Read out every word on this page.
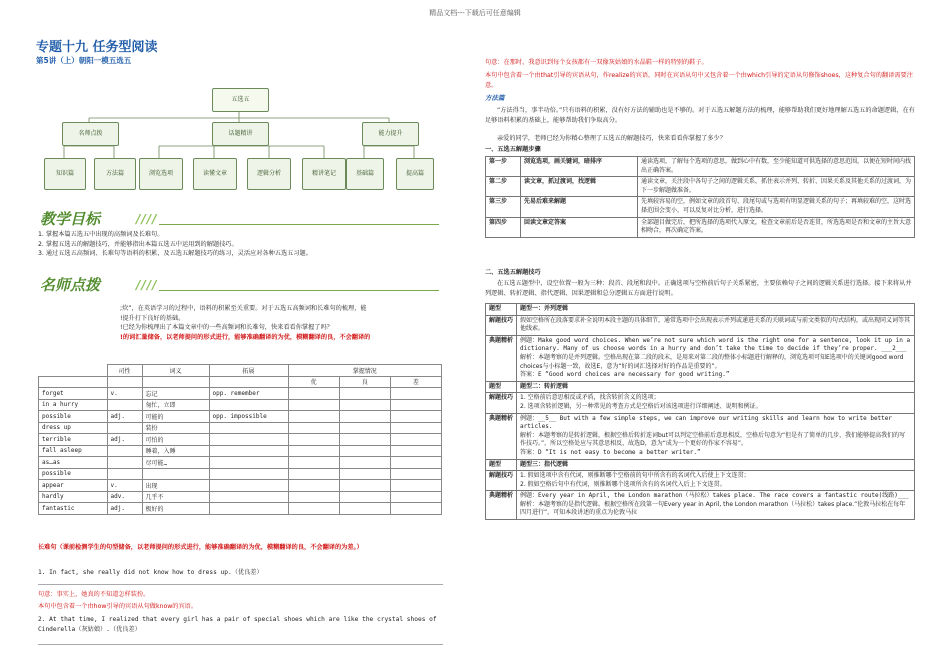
精品文档---下载后可任意编辑
专题十九 任务型阅读
第5讲（上）朝阳一模五选五
五选五
名师点拨	话题精讲	能力提升
知识篇	方法篇	浏览选项	读懂文章	逻辑分析	精讲笔记	基础篇	提高篇
教学目标	////
1. 掌握本篇五选五中出现的高频词及长难句。
2. 掌握五选五的解题技巧，并能够指出本篇五选五中运用到的解题技巧。
3. 通过五选五高频词、长难句等语料的积累，及五选五解题技巧的练习，灵活应对各种五选五习题。
名师点拨	////
;炊”，在英语学习的过程中，语料的积累至关重要。对于五选五高频词和长难句的梳理，能
!提升打下良好的基础。
!已经为你梳理出了本篇文章中的一些高频词和长难句，快来看看你掌握了吗？
!的词汇量储备，以老师提问的形式进行，能够准确翻译的为优，模糊翻译的良，不会翻译的
	司性	词义	拓展	掌握情况		
				优	良	差
forget	v.	忘记	opp. remember			
in a hurry		匆忙，立即				
possible	adj.	可能的	opp. impossible			
dress up		装扮				
terrible	adj.	可怕的				
fall asleep		睡着，入睡				
as…as		尽可能…				
possible						
appear	v.	出现				
hardly	adv.	几乎不				
fantastic	adj.	极好的				
长难句（课前检测学生的句型储备，以老师提问的形式进行，能够准确翻译的为优，模糊翻译的良，不会翻译的为差。）
1. In fact, she really did not know how to dress up.（优良差）
句意：事实上，她真的不知道怎样装扮。
本句中包含着一个由how引导的宾语从句做know的宾语。
2. At that time, I realized that every girl has a pair of special shoes which are like the crystal shoes of Cinderella（灰姑娘）.（优良差）
句意：在那时，我意识到每个女孩都有一双像灰姑娘的水晶鞋一样的特别的鞋子。
本句中包含着一个由that引导的宾语从句，作realize的宾语，同时在宾语从句中又包含着一个由which引导的定语从句修饰shoes，这种复合句的翻译需要注意。
方法篇
“方法得当，事半功倍。”只有语料的积累，没有好方法的辅助也是不够的。对于五选五解题方法的梳理，能够帮助我们更好地理解五选五的命题逻辑，在有足够语料积累的基础上，能够帮助我们争取高分。
亲爱的同学，老师已经为你精心整理了五选五的解题技巧，快来看看你掌握了多少？
一、五选五解题步骤
第一步	浏览选项，画关键词，暗排序	通读选项，了解每个选项的意思，做到心中有数，至少能知道可供选择的意思范围，以便在短时间内找出正确答案。
第二步	读文章，抓过渡词，找逻辑	通读文章，关注段中各句子之间的逻辑关系，抓住表示并列、转折、因果关系及其他关系的过渡词，为下一步解题做准备。
第三步	先易后难来解题	先填较容易的空，例如文章的段首句、段尾句或与选项有明显逻辑关系的句子；再填较难的空，这时选择范围会变小，可以反复对比分析，进行选择。
第四步	回读文章定答案	全部题目做完后，把所选择的选项代入原文，检查文章前后是否连贯，所选选项是否和文章的主旨大意相吻合，再次确定答案。
二、五选五解题技巧
在五选五题型中，设空位置一般为三种：段首、段尾和段中。正确选项与空格前后句子关系紧密，主要依赖句子之间的逻辑关系进行选择。接下来将从并列逻辑、转折逻辑、指代逻辑、因果逻辑和总分逻辑五方面进行说明。
题型	题型一：并列逻辑
解题技巧	假如空格所在段落要求补全说明本段主题的具体细节，通常选项中会出现表示并列或递进关系的关联词或与前文类似的句式结构，或出现同义词等其他线索。
典题精析	例题：Make good word choices. When we’re not sure which word is the right one for a sentence, look it up in a dictionary. Many of us choose words in a hurry and don’t take the time to decide if they’re proper. ___2___
解析：本题考察的是并列逻辑。空格出现在第二段的段末，是用来对第二段的整体小标题进行解释的，浏览选项可知E选项中的关键词good word choices与小标题一致，故选E，意为“好的词汇选择对好的作品是重要的”。
答案：E “Good word choices are necessary for good writing.”

题型	题型二：转折逻辑
解题技巧	1. 空格前后意思相反或矛盾，找含转折含义的选项；
2. 选项含转折逻辑，另一种常见的考查方式是空格后对该选项进行详细阐述、说明和例证。
典题精析	例题：__5__ But with a few simple steps, we can improve our writing skills and learn how to write better articles.
解析：本题考察的是转折逻辑，根据空格后转折连词but可以判定空格前后意思相反，空格后句意为“但是有了简单的几步，我们能够提高我们的写作技巧。”，所以空格处应与其意思相反，故选D，意为“成为一个更好的作家不容易”。
答案：D “It is not easy to become a better writer.”

题型	题型三：指代逻辑
解题技巧	1. 假如选项中含有代词，则推断哪个空格前的句中所含有的名词代入后使上下文连贯；
2. 假如空格后句中有代词，则推断哪个选项所含有的名词代入后上下文连贯。
典题精析	例题：Every year in April, the London marathon（马拉松）takes place. The race covers a fantastic route(线路)___
解析：本题考察的是指代逻辑。根据空格所在段第一句Every year in April, the London marathon（马拉松）takes place.“伦敦马拉松在每年四月进行”，可知本段讲述的重点为伦敦马拉
